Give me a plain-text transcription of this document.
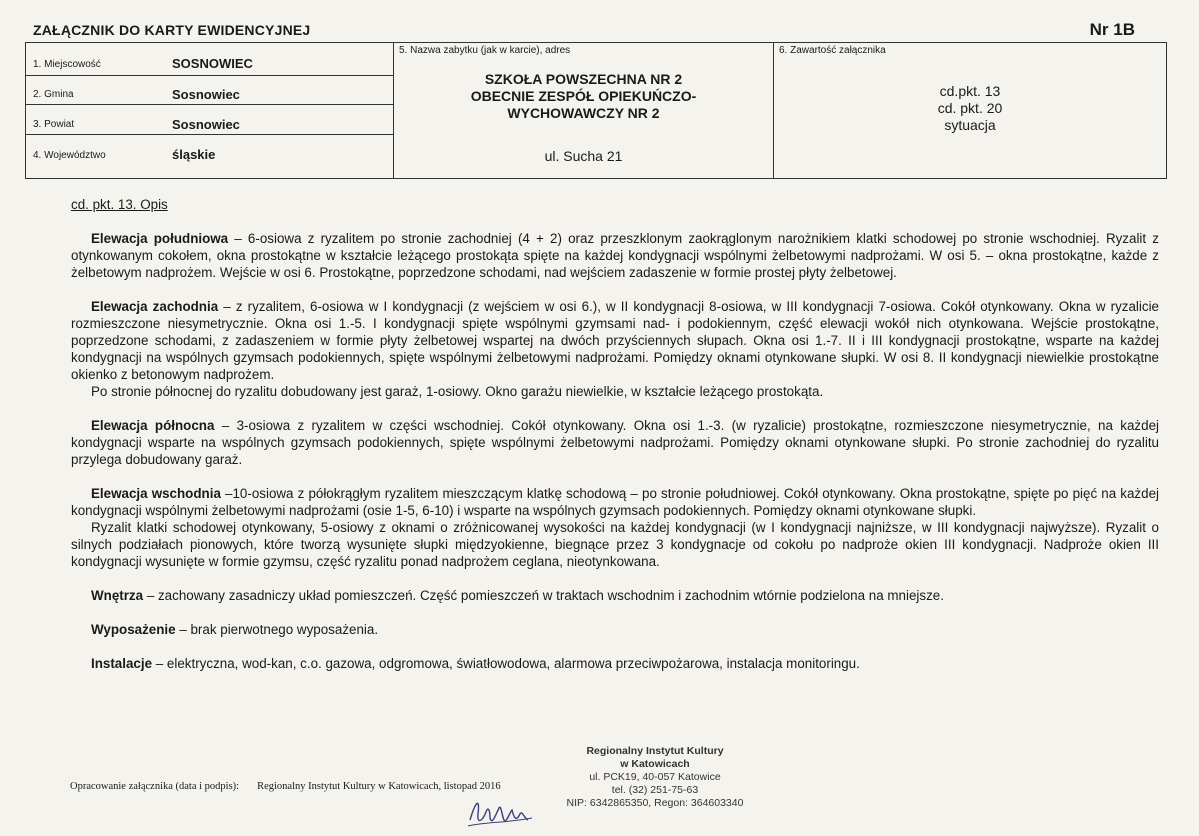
ZAŁĄCZNIK DO KARTY EWIDENCYJNEJ	Nr 1B
1. Miejscowość	SOSNOWIEC
2. Gmina	Sosnowiec
3. Powiat	Sosnowiec
4. Województwo	śląskie
5. Nazwa zabytku (jak w karcie), adres
SZKOŁA POWSZECHNA NR 2
OBECNIE ZESPÓŁ OPIEKUŃCZO-
WYCHOWAWCZY NR 2
ul. Sucha 21
6. Zawartość załącznika
cd.pkt. 13
cd. pkt. 20
sytuacja
cd. pkt. 13. Opis

Elewacja południowa – 6-osiowa z ryzalitem po stronie zachodniej (4 + 2) oraz przeszklonym zaokrąglonym narożnikiem klatki schodowej po stronie wschodniej. Ryzalit z otynkowanym cokołem, okna prostokątne w kształcie leżącego prostokąta spięte na każdej kondygnacji wspólnymi żelbetowymi nadprożami. W osi 5. – okna prostokątne, każde z żelbetowym nadprożem. Wejście w osi 6. Prostokątne, poprzedzone schodami, nad wejściem zadaszenie w formie prostej płyty żelbetowej.

Elewacja zachodnia – z ryzalitem, 6-osiowa w I kondygnacji (z wejściem w osi 6.), w II kondygnacji 8-osiowa, w III kondygnacji 7-osiowa. Cokół otynkowany. Okna w ryzalicie rozmieszczone niesymetrycznie. Okna osi 1.-5. I kondygnacji spięte wspólnymi gzymsami nad- i podokiennym, część elewacji wokół nich otynkowana. Wejście prostokątne, poprzedzone schodami, z zadaszeniem w formie płyty żelbetowej wspartej na dwóch przyściennych słupach. Okna osi 1.-7. II i III kondygnacji prostokątne, wsparte na każdej kondygnacji na wspólnych gzymsach podokiennych, spięte wspólnymi żelbetowymi nadprożami. Pomiędzy oknami otynkowane słupki. W osi 8. II kondygnacji niewielkie prostokątne okienko z betonowym nadprożem.

Po stronie północnej do ryzalitu dobudowany jest garaż, 1-osiowy. Okno garażu niewielkie, w kształcie leżącego prostokąta.

Elewacja północna – 3-osiowa z ryzalitem w części wschodniej. Cokół otynkowany. Okna osi 1.-3. (w ryzalicie) prostokątne, rozmieszczone niesymetrycznie, na każdej kondygnacji wsparte na wspólnych gzymsach podokiennych, spięte wspólnymi żelbetowymi nadprożami. Pomiędzy oknami otynkowane słupki. Po stronie zachodniej do ryzalitu przylega dobudowany garaż.

Elewacja wschodnia –10-osiowa z półokrągłym ryzalitem mieszczącym klatkę schodową – po stronie południowej. Cokół otynkowany. Okna prostokątne, spięte po pięć na każdej kondygnacji wspólnymi żelbetowymi nadprożami (osie 1-5, 6-10) i wsparte na wspólnych gzymsach podokiennych. Pomiędzy oknami otynkowane słupki.

Ryzalit klatki schodowej otynkowany, 5-osiowy z oknami o zróżnicowanej wysokości na każdej kondygnacji (w I kondygnacji najniższe, w III kondygnacji najwyższe). Ryzalit o silnych podziałach pionowych, które tworzą wysunięte słupki międzyokienne, biegnące przez 3 kondygnacje od cokołu po nadproże okien III kondygnacji. Nadproże okien III kondygnacji wysunięte w formie gzymsu, część ryzalitu ponad nadprożem ceglana, nieotynkowana.

Wnętrza – zachowany zasadniczy układ pomieszczeń. Część pomieszczeń w traktach wschodnim i zachodnim wtórnie podzielona na mniejsze.

Wyposażenie – brak pierwotnego wyposażenia.

Instalacje – elektryczna, wod-kan, c.o. gazowa, odgromowa, światłowodowa, alarmowa przeciwpożarowa, instalacja monitoringu.

Opracowanie załącznika (data i podpis): Regionalny Instytut Kultury w Katowicach, listopad 2016
Regionalny Instytut Kultury
w Katowicach
ul. PCK19, 40-057 Katowice
tel. (32) 251-75-63
NIP: 6342865350, Regon: 364603340
